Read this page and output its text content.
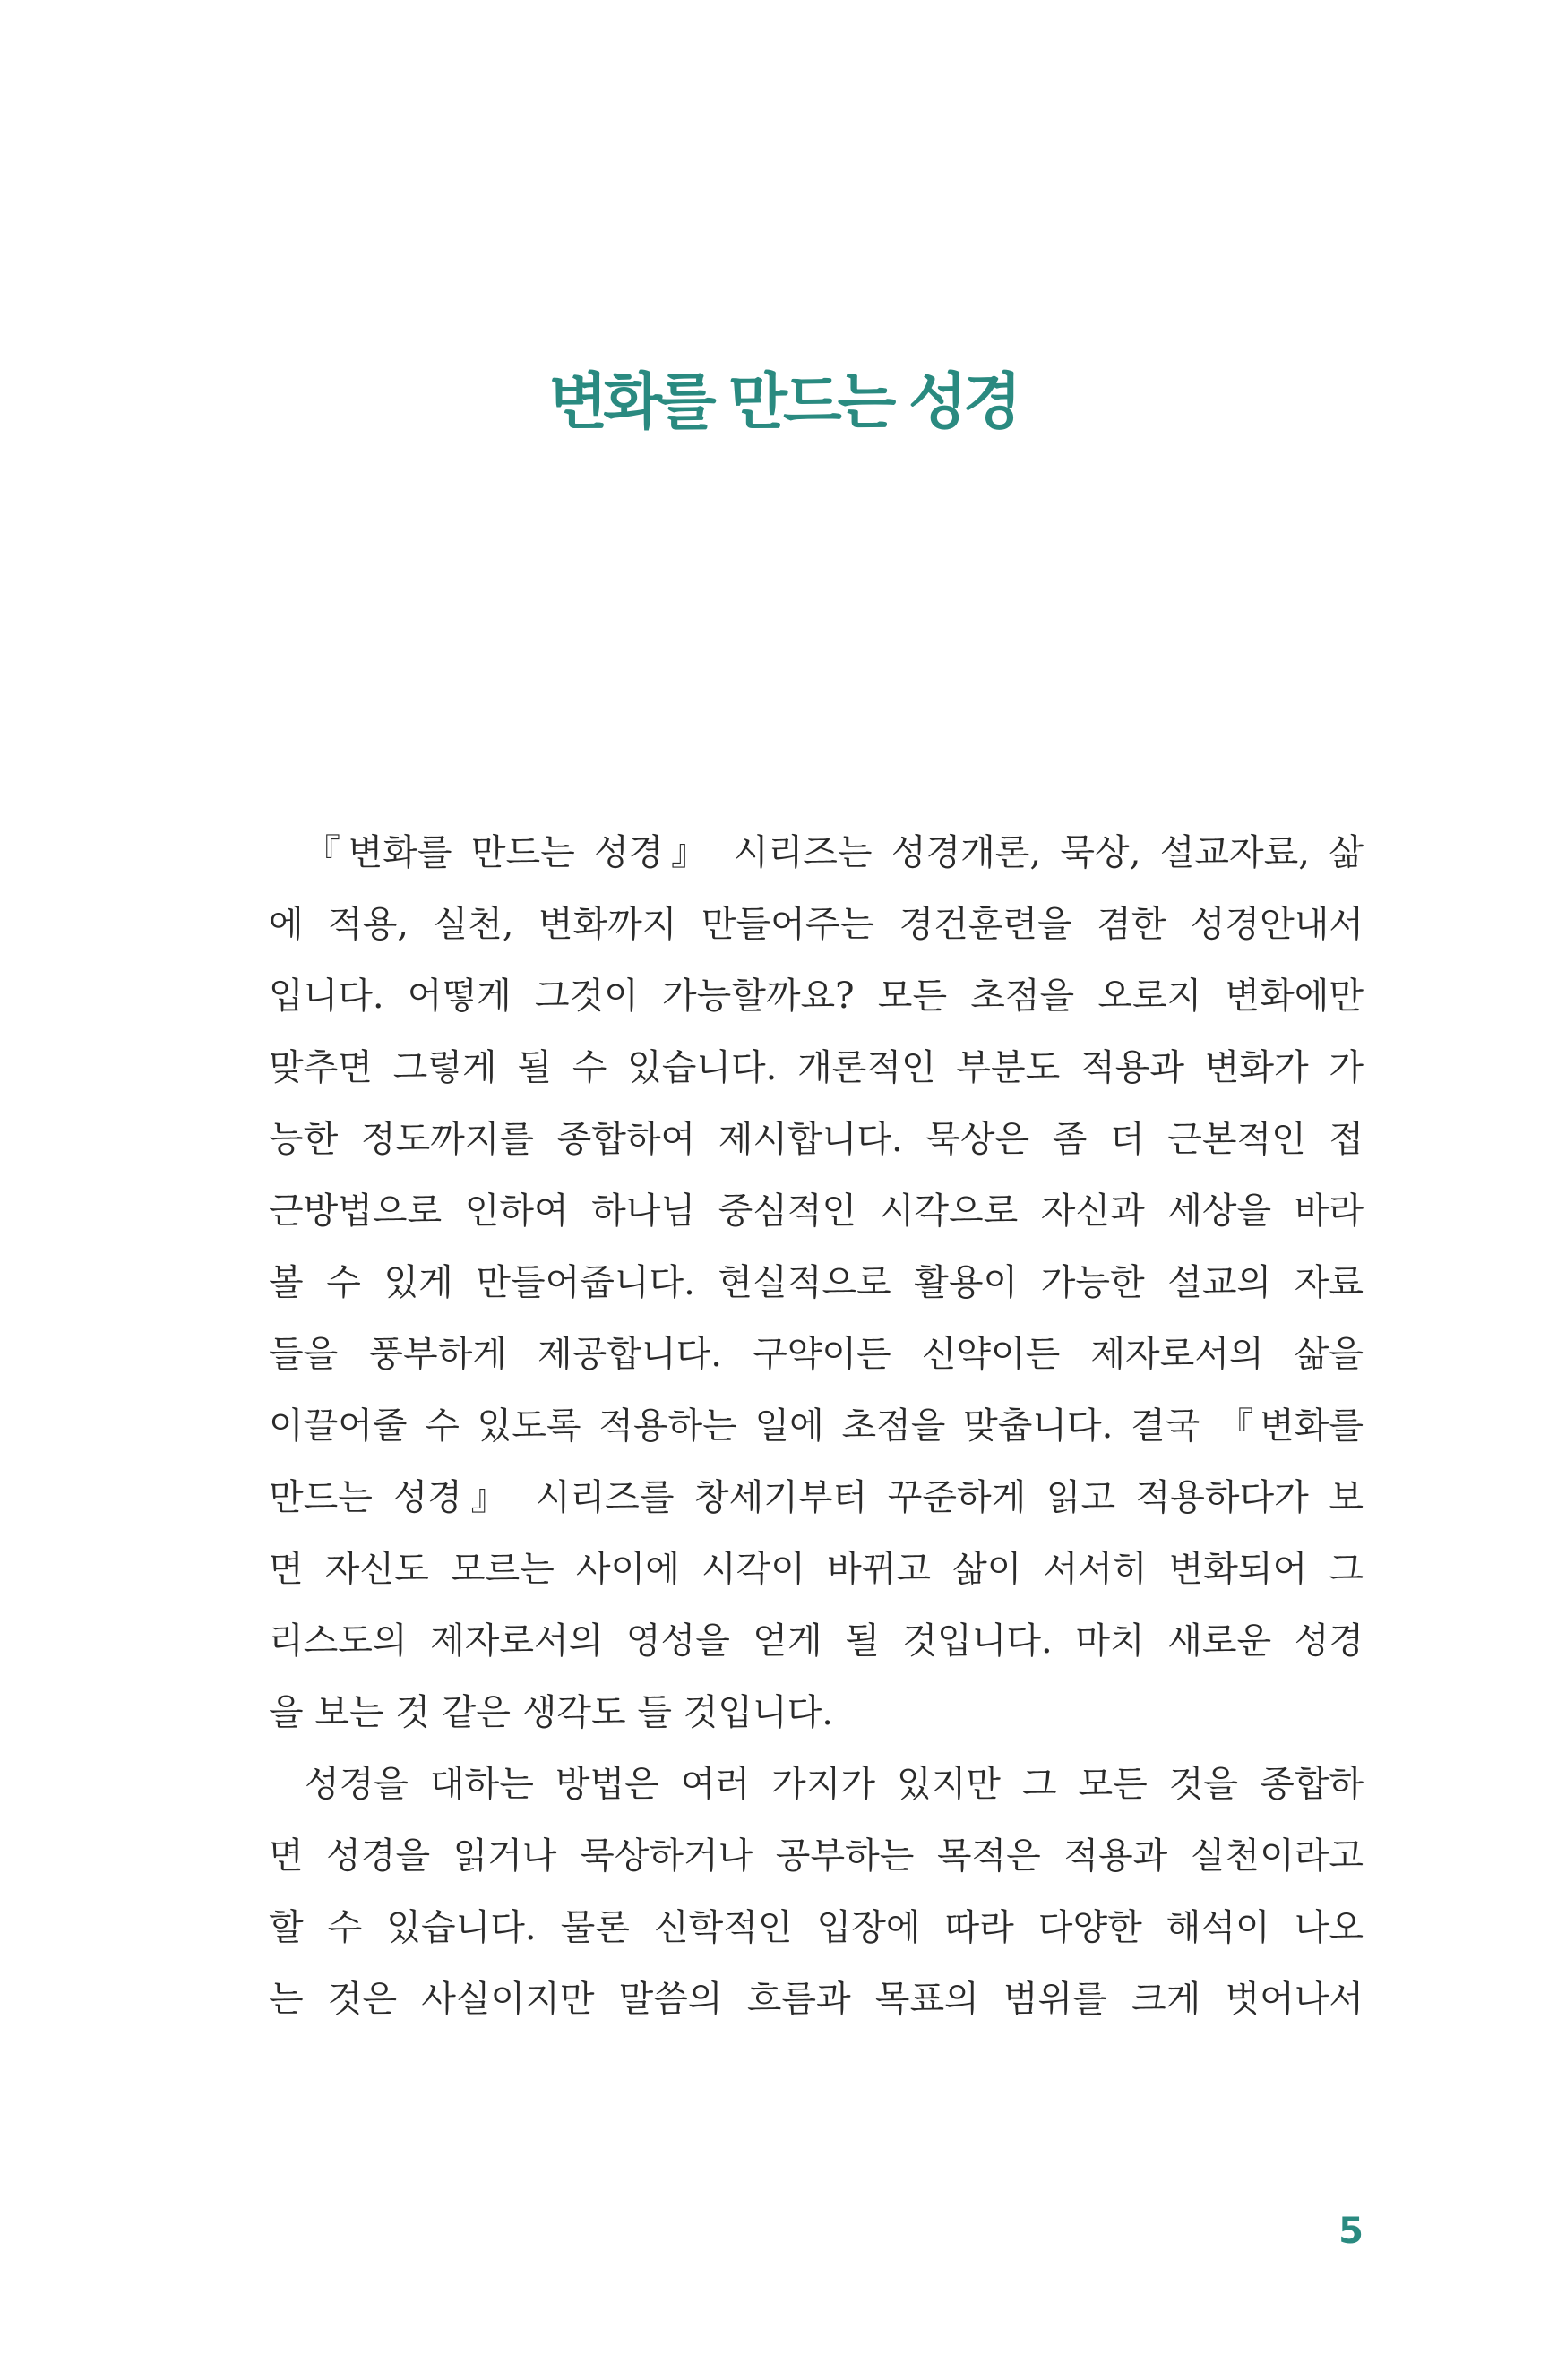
변화를 만드는 성경
『변화를 만드는 성경』 시리즈는 성경개론, 묵상, 설교자료, 삶
에 적용, 실천, 변화까지 만들어주는 경건훈련을 겸한 성경안내서
입니다. 어떻게 그것이 가능할까요? 모든 초점을 오로지 변화에만
맞추면 그렇게 될 수 있습니다. 개론적인 부분도 적용과 변화가 가
능한 정도까지를 종합하여 제시합니다. 묵상은 좀 더 근본적인 접
근방법으로 인하여 하나님 중심적인 시각으로 자신과 세상을 바라
볼 수 있게 만들어줍니다. 현실적으로 활용이 가능한 설교의 자료
들을 풍부하게 제공합니다. 구약이든 신약이든 제자로서의 삶을
이끌어줄 수 있도록 적용하는 일에 초점을 맞춥니다. 결국 『변화를
만드는 성경』 시리즈를 창세기부터 꾸준하게 읽고 적용하다가 보
면 자신도 모르는 사이에 시각이 바뀌고 삶이 서서히 변화되어 그
리스도의 제자로서의 영성을 얻게 될 것입니다. 마치 새로운 성경
을 보는 것 같은 생각도 들 것입니다.
성경을 대하는 방법은 여러 가지가 있지만 그 모든 것을 종합하
면 성경을 읽거나 묵상하거나 공부하는 목적은 적용과 실천이라고
할 수 있습니다. 물론 신학적인 입장에 따라 다양한 해석이 나오
는 것은 사실이지만 말씀의 흐름과 목표의 범위를 크게 벗어나서
5
